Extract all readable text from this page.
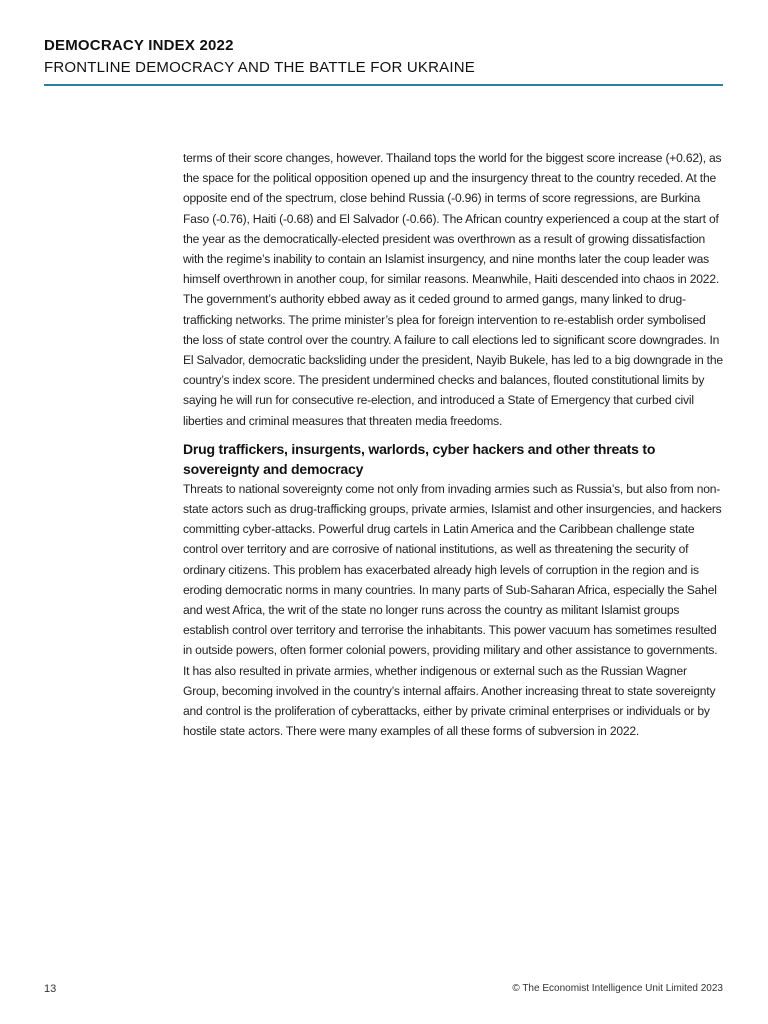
DEMOCRACY INDEX 2022
FRONTLINE DEMOCRACY AND THE BATTLE FOR UKRAINE

terms of their score changes, however. Thailand tops the world for the biggest score increase (+0.62), as the space for the political opposition opened up and the insurgency threat to the country receded. At the opposite end of the spectrum, close behind Russia (-0.96) in terms of score regressions, are Burkina Faso (-0.76), Haiti (-0.68) and El Salvador (-0.66). The African country experienced a coup at the start of the year as the democratically-elected president was overthrown as a result of growing dissatisfaction with the regime’s inability to contain an Islamist insurgency, and nine months later the coup leader was himself overthrown in another coup, for similar reasons. Meanwhile, Haiti descended into chaos in 2022. The government’s authority ebbed away as it ceded ground to armed gangs, many linked to drug-trafficking networks. The prime minister’s plea for foreign intervention to re-establish order symbolised the loss of state control over the country. A failure to call elections led to significant score downgrades. In El Salvador, democratic backsliding under the president, Nayib Bukele, has led to a big downgrade in the country’s index score. The president undermined checks and balances, flouted constitutional limits by saying he will run for consecutive re-election, and introduced a State of Emergency that curbed civil liberties and criminal measures that threaten media freedoms.

Drug traffickers, insurgents, warlords, cyber hackers and other threats to sovereignty and democracy

Threats to national sovereignty come not only from invading armies such as Russia’s, but also from non-state actors such as drug-trafficking groups, private armies, Islamist and other insurgencies, and hackers committing cyber-attacks. Powerful drug cartels in Latin America and the Caribbean challenge state control over territory and are corrosive of national institutions, as well as threatening the security of ordinary citizens. This problem has exacerbated already high levels of corruption in the region and is eroding democratic norms in many countries. In many parts of Sub-Saharan Africa, especially the Sahel and west Africa, the writ of the state no longer runs across the country as militant Islamist groups establish control over territory and terrorise the inhabitants. This power vacuum has sometimes resulted in outside powers, often former colonial powers, providing military and other assistance to governments. It has also resulted in private armies, whether indigenous or external such as the Russian Wagner Group, becoming involved in the country’s internal affairs. Another increasing threat to state sovereignty and control is the proliferation of cyberattacks, either by private criminal enterprises or individuals or by hostile state actors. There were many examples of all these forms of subversion in 2022.

13	© The Economist Intelligence Unit Limited 2023
